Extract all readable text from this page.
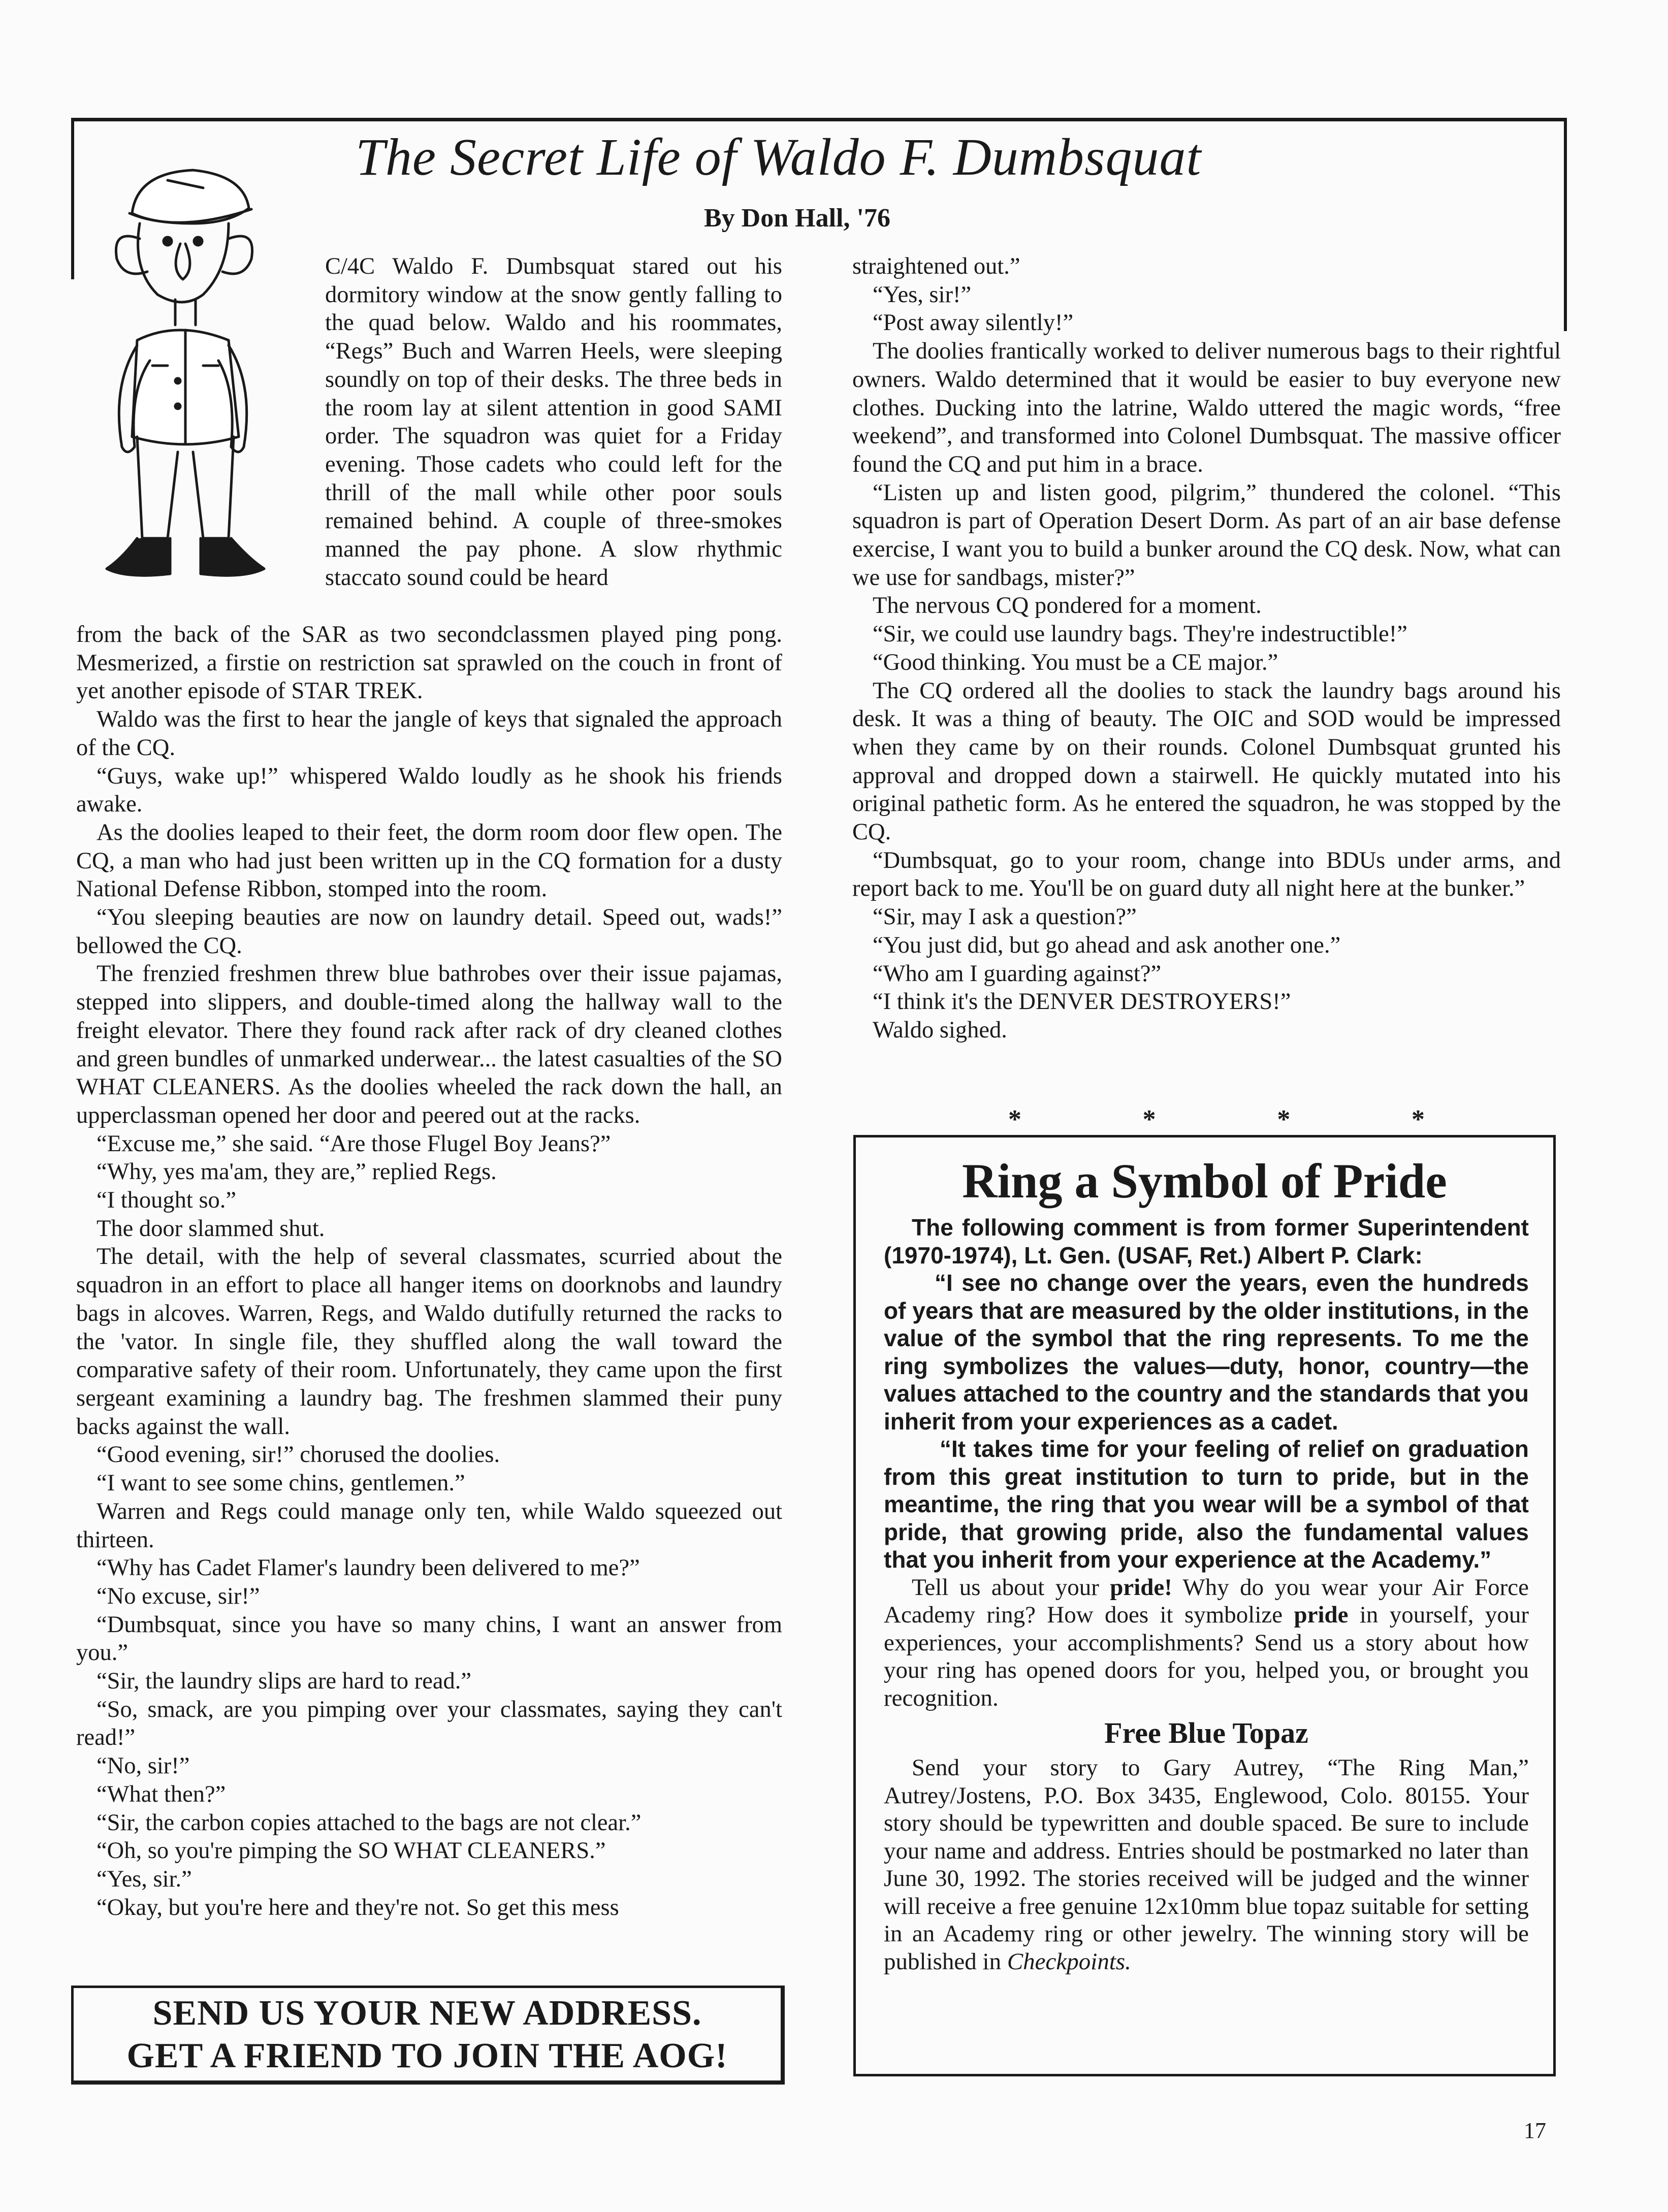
The Secret Life of Waldo F. Dumbsquat
By Don Hall, '76

C/4C Waldo F. Dumbsquat stared out his dormitory window at the snow gently falling to the quad below. Waldo and his roommates, “Regs” Buch and Warren Heels, were sleeping soundly on top of their desks. The three beds in the room lay at silent attention in good SAMI order. The squadron was quiet for a Friday evening. Those cadets who could left for the thrill of the mall while other poor souls remained behind. A couple of three-smokes manned the pay phone. A slow rhythmic staccato sound could be heard

from the back of the SAR as two secondclassmen played ping pong. Mesmerized, a firstie on restriction sat sprawled on the couch in front of yet another episode of STAR TREK.

Waldo was the first to hear the jangle of keys that signaled the approach of the CQ.

“Guys, wake up!” whispered Waldo loudly as he shook his friends awake.

As the doolies leaped to their feet, the dorm room door flew open. The CQ, a man who had just been written up in the CQ formation for a dusty National Defense Ribbon, stomped into the room.

“You sleeping beauties are now on laundry detail. Speed out, wads!” bellowed the CQ.

The frenzied freshmen threw blue bathrobes over their issue pajamas, stepped into slippers, and double-timed along the hallway wall to the freight elevator. There they found rack after rack of dry cleaned clothes and green bundles of unmarked underwear... the latest casualties of the SO WHAT CLEANERS. As the doolies wheeled the rack down the hall, an upperclassman opened her door and peered out at the racks.

“Excuse me,” she said. “Are those Flugel Boy Jeans?”

“Why, yes ma'am, they are,” replied Regs.

“I thought so.”

The door slammed shut.

The detail, with the help of several classmates, scurried about the squadron in an effort to place all hanger items on doorknobs and laundry bags in alcoves. Warren, Regs, and Waldo dutifully returned the racks to the 'vator. In single file, they shuffled along the wall toward the comparative safety of their room. Unfortunately, they came upon the first sergeant examining a laundry bag. The freshmen slammed their puny backs against the wall.

“Good evening, sir!” chorused the doolies.

“I want to see some chins, gentlemen.”

Warren and Regs could manage only ten, while Waldo squeezed out thirteen.

“Why has Cadet Flamer's laundry been delivered to me?”

“No excuse, sir!”

“Dumbsquat, since you have so many chins, I want an answer from you.”

“Sir, the laundry slips are hard to read.”

“So, smack, are you pimping over your classmates, saying they can't read!”

“No, sir!”

“What then?”

“Sir, the carbon copies attached to the bags are not clear.”

“Oh, so you're pimping the SO WHAT CLEANERS.”

“Yes, sir.”

“Okay, but you're here and they're not. So get this mess

straightened out.”

“Yes, sir!”

“Post away silently!”

The doolies frantically worked to deliver numerous bags to their rightful owners. Waldo determined that it would be easier to buy everyone new clothes. Ducking into the latrine, Waldo uttered the magic words, “free weekend”, and transformed into Colonel Dumbsquat. The massive officer found the CQ and put him in a brace.

“Listen up and listen good, pilgrim,” thundered the colonel. “This squadron is part of Operation Desert Dorm. As part of an air base defense exercise, I want you to build a bunker around the CQ desk. Now, what can we use for sandbags, mister?”

The nervous CQ pondered for a moment.

“Sir, we could use laundry bags. They're indestructible!”

“Good thinking. You must be a CE major.”

The CQ ordered all the doolies to stack the laundry bags around his desk. It was a thing of beauty. The OIC and SOD would be impressed when they came by on their rounds. Colonel Dumbsquat grunted his approval and dropped down a stairwell. He quickly mutated into his original pathetic form. As he entered the squadron, he was stopped by the CQ.

“Dumbsquat, go to your room, change into BDUs under arms, and report back to me. You'll be on guard duty all night here at the bunker.”

“Sir, may I ask a question?”

“You just did, but go ahead and ask another one.”

“Who am I guarding against?”

“I think it's the DENVER DESTROYERS!”

Waldo sighed.

*	*	*	*
Ring a Symbol of Pride

The following comment is from former Superintendent (1970-1974), Lt. Gen. (USAF, Ret.) Albert P. Clark:

“I see no change over the years, even the hundreds of years that are measured by the older institutions, in the value of the symbol that the ring represents. To me the ring symbolizes the values—duty, honor, country—the values attached to the country and the standards that you inherit from your experiences as a cadet.

“It takes time for your feeling of relief on graduation from this great institution to turn to pride, but in the meantime, the ring that you wear will be a symbol of that pride, that growing pride, also the fundamental values that you inherit from your experience at the Academy.”

Tell us about your pride! Why do you wear your Air Force Academy ring? How does it symbolize pride in yourself, your experiences, your accomplishments? Send us a story about how your ring has opened doors for you, helped you, or brought you recognition.

Free Blue Topaz

Send your story to Gary Autrey, “The Ring Man,” Autrey/Jostens, P.O. Box 3435, Englewood, Colo. 80155. Your story should be typewritten and double spaced. Be sure to include your name and address. Entries should be postmarked no later than June 30, 1992. The stories received will be judged and the winner will receive a free genuine 12x10mm blue topaz suitable for setting in an Academy ring or other jewelry. The winning story will be published in Checkpoints.

SEND US YOUR NEW ADDRESS.
GET A FRIEND TO JOIN THE AOG!
17
